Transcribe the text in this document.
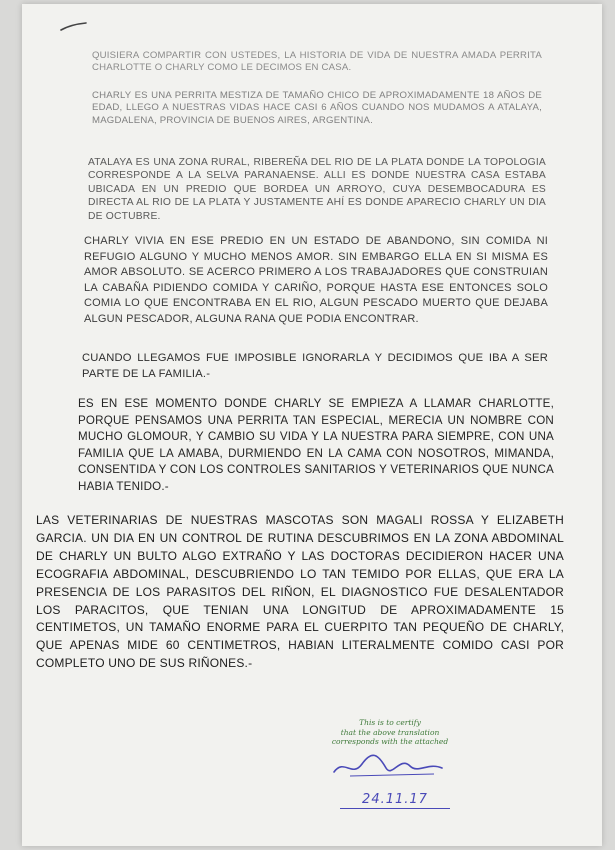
QUISIERA COMPARTIR CON USTEDES, LA HISTORIA DE VIDA DE NUESTRA AMADA PERRITA CHARLOTTE O CHARLY COMO LE DECIMOS EN CASA.

CHARLY ES UNA PERRITA MESTIZA DE TAMAÑO CHICO DE APROXIMADAMENTE 18 AÑOS DE EDAD, LLEGO A NUESTRAS VIDAS HACE CASI 6 AÑOS CUANDO NOS MUDAMOS A ATALAYA, MAGDALENA, PROVINCIA DE BUENOS AIRES, ARGENTINA.

ATALAYA ES UNA ZONA RURAL, RIBEREÑA DEL RIO DE LA PLATA DONDE LA TOPOLOGIA CORRESPONDE A LA SELVA PARANAENSE. ALLI ES DONDE NUESTRA CASA ESTABA UBICADA EN UN PREDIO QUE BORDEA UN ARROYO, CUYA DESEMBOCADURA ES DIRECTA AL RIO DE LA PLATA Y JUSTAMENTE AHÍ ES DONDE APARECIO CHARLY UN DIA DE OCTUBRE.

CHARLY VIVIA EN ESE PREDIO EN UN ESTADO DE ABANDONO, SIN COMIDA NI REFUGIO ALGUNO Y MUCHO MENOS AMOR. SIN EMBARGO ELLA EN SI MISMA ES AMOR ABSOLUTO. SE ACERCO PRIMERO A LOS TRABAJADORES QUE CONSTRUIAN LA CABAÑA PIDIENDO COMIDA Y CARIÑO, PORQUE HASTA ESE ENTONCES SOLO COMIA LO QUE ENCONTRABA EN EL RIO, ALGUN PESCADO MUERTO QUE DEJABA ALGUN PESCADOR, ALGUNA RANA QUE PODIA ENCONTRAR.

CUANDO LLEGAMOS FUE IMPOSIBLE IGNORARLA Y DECIDIMOS QUE IBA A SER PARTE DE LA FAMILIA.-

ES EN ESE MOMENTO DONDE CHARLY SE EMPIEZA A LLAMAR CHARLOTTE, PORQUE PENSAMOS UNA PERRITA TAN ESPECIAL, MERECIA UN NOMBRE CON MUCHO GLOMOUR, Y CAMBIO SU VIDA Y LA NUESTRA PARA SIEMPRE, CON UNA FAMILIA QUE LA AMABA, DURMIENDO EN LA CAMA CON NOSOTROS, MIMANDA, CONSENTIDA Y CON LOS CONTROLES SANITARIOS Y VETERINARIOS QUE NUNCA HABIA TENIDO.-

LAS VETERINARIAS DE NUESTRAS MASCOTAS SON MAGALI ROSSA Y ELIZABETH GARCIA. UN DIA EN UN CONTROL DE RUTINA DESCUBRIMOS EN LA ZONA ABDOMINAL DE CHARLY UN BULTO ALGO EXTRAÑO Y LAS DOCTORAS DECIDIERON HACER UNA ECOGRAFIA ABDOMINAL, DESCUBRIENDO LO TAN TEMIDO POR ELLAS, QUE ERA LA PRESENCIA DE LOS PARASITOS DEL RIÑON, EL DIAGNOSTICO FUE DESALENTADOR LOS PARACITOS, QUE TENIAN UNA LONGITUD DE APROXIMADAMENTE 15 CENTIMETOS, UN TAMAÑO ENORME PARA EL CUERPITO TAN PEQUEÑO DE CHARLY, QUE APENAS MIDE 60 CENTIMETROS, HABIAN LITERALMENTE COMIDO CASI POR COMPLETO UNO DE SUS RIÑONES.-

This is to certify
that the above translation
corresponds with the attached
24.11.17
